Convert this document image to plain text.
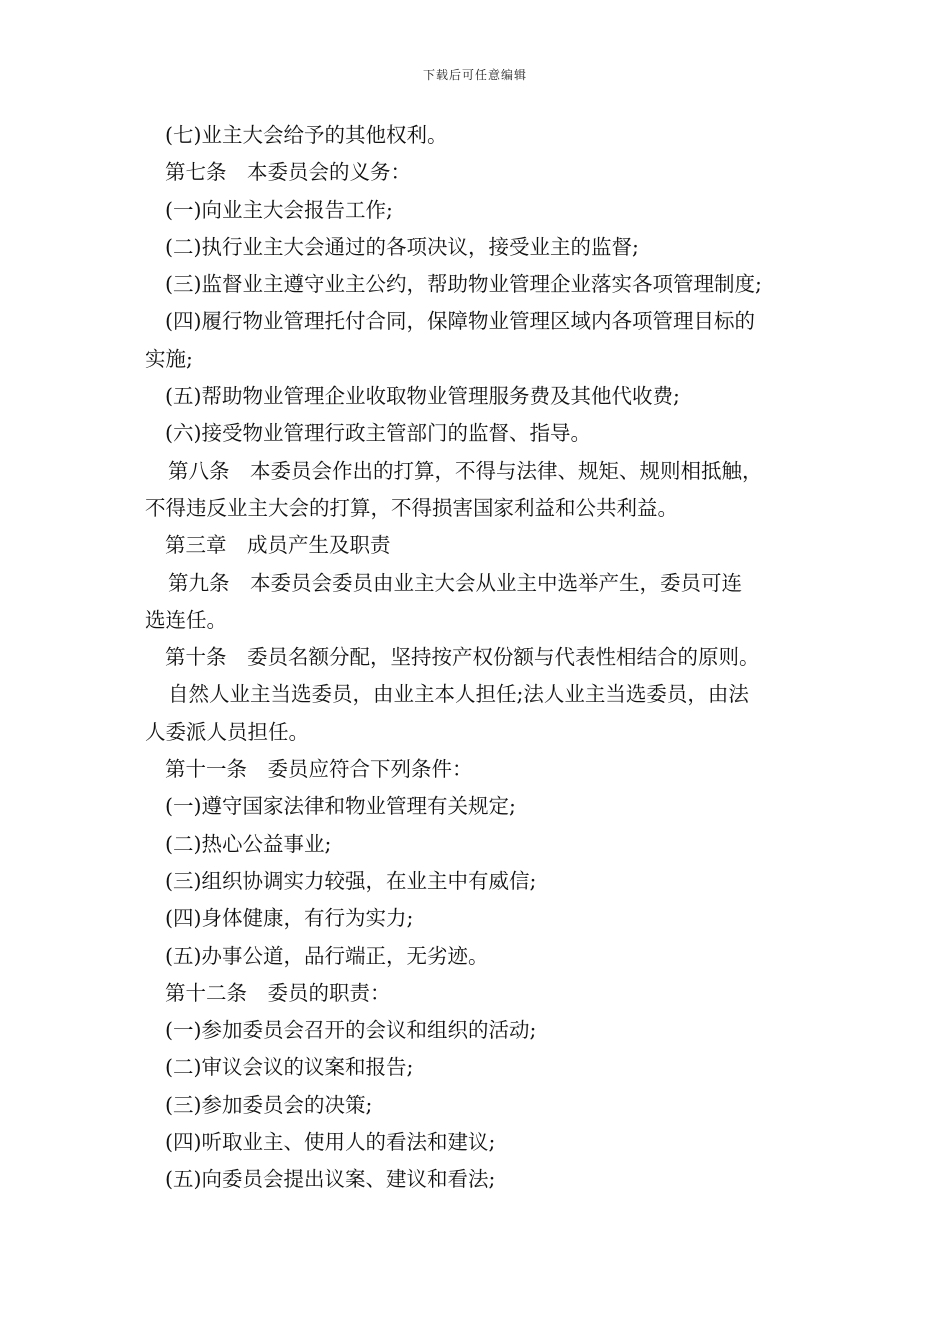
下载后可任意编辑
(七)业主大会给予的其他权利。
第七条　本委员会的义务：
(一)向业主大会报告工作;
(二)执行业主大会通过的各项决议，接受业主的监督;
(三)监督业主遵守业主公约，帮助物业管理企业落实各项管理制度;
(四)履行物业管理托付合同，保障物业管理区域内各项管理目标的
实施;
(五)帮助物业管理企业收取物业管理服务费及其他代收费;
(六)接受物业管理行政主管部门的监督、指导。
第八条　本委员会作出的打算，不得与法律、规矩、规则相抵触，
不得违反业主大会的打算，不得损害国家利益和公共利益。
第三章　成员产生及职责
第九条　本委员会委员由业主大会从业主中选举产生，委员可连
选连任。
第十条　委员名额分配，坚持按产权份额与代表性相结合的原则。
自然人业主当选委员，由业主本人担任;法人业主当选委员，由法
人委派人员担任。
第十一条　委员应符合下列条件：
(一)遵守国家法律和物业管理有关规定;
(二)热心公益事业;
(三)组织协调实力较强，在业主中有威信;
(四)身体健康，有行为实力;
(五)办事公道，品行端正，无劣迹。
第十二条　委员的职责：
(一)参加委员会召开的会议和组织的活动;
(二)审议会议的议案和报告;
(三)参加委员会的决策;
(四)听取业主、使用人的看法和建议;
(五)向委员会提出议案、建议和看法;
